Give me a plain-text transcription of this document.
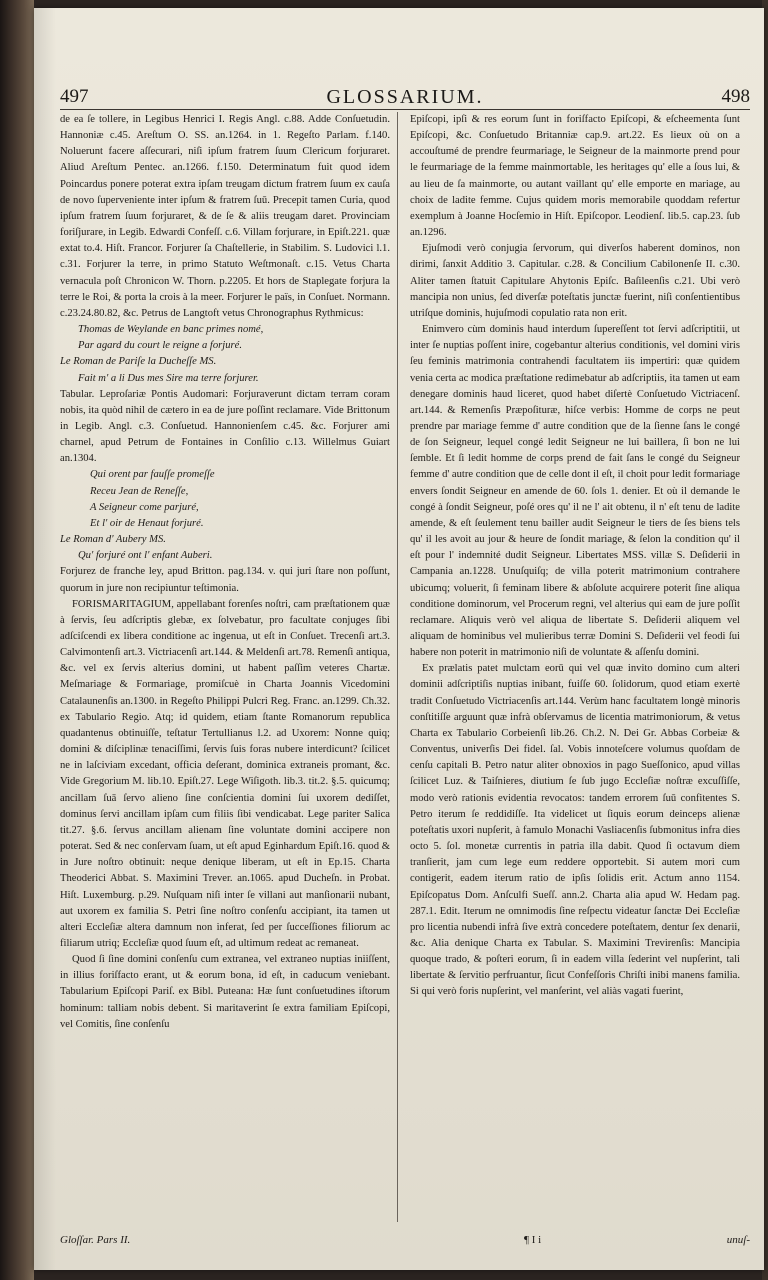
497	GLOSSARIUM.	498

de ea ſe tollere, in Legibus Henrici I. Regis Angl. c.88. Adde Conſuetudin. Hannoniæ c.45. Areſtum O. SS. an.1264. in 1. Regeſto Parlam. f.140. Noluerunt facere aſſecurari, niſi ipſum fratrem ſuum Clericum forjuraret. Aliud Areſtum Pentec. an.1266. f.150. Determinatum fuit quod idem Poincardus ponere poterat extra ipſam treugam dictum fratrem ſuum ex cauſa de novo ſuperveniente inter ipſum & fratrem ſuū. Precepit tamen Curia, quod ipſum fratrem ſuum forjuraret, & de ſe & aliis treugam daret. Provinciam foriſjurare, in Legib. Edwardi Confeſſ. c.6. Villam forjurare, in Epiſt.221. quæ extat to.4. Hiſt. Francor. Forjurer ſa Chaſtellerie, in Stabilim. S. Ludovici l.1. c.31. Forjurer la terre, in primo Statuto Weſtmonaſt. c.15. Vetus Charta vernacula poſt Chronicon W. Thorn. p.2205. Et hors de Staplegate forjura la terre le Roi, & porta la crois à la meer. Forjurer le païs, in Conſuet. Normann. c.23.24.80.82, &c. Petrus de Langtoft vetus Chronographus Rythmicus:

Thomas de Weylande en banc primes nomé,

Par agard du court le reigne a forjuré.

Le Roman de Pariſe la Ducheſſe MS.

Fait m' a li Dus mes Sire ma terre forjurer.

Tabular. Leproſariæ Pontis Audomari: Forjuraverunt dictam terram coram nobis, ita quòd nihil de cætero in ea de jure poſſint reclamare. Vide Brittonum in Legib. Angl. c.3. Conſuetud. Hannonienſem c.45. &c. Forjurer ami charnel, apud Petrum de Fontaines in Conſilio c.13. Willelmus Guiart an.1304.

Qui orent par fauſſe promeſſe

Receu Jean de Reneſſe,

A Seigneur come parjuré,

Et l' oir de Henaut forjuré.

Le Roman d' Aubery MS.

Qu' forjuré ont l' enfant Auberi.

Forjurez de franche ley, apud Britton. pag.134. v. qui juri ſtare non poſſunt, quorum in jure non recipiuntur teſtimonia.

FORISMARITAGIUM, appellabant forenſes noſtri, cam præſtationem quæ à ſervis, ſeu adſcriptis glebæ, ex ſolvebatur, pro facultate conjuges ſibi adſciſcendi ex libera conditione ac ingenua, ut eſt in Conſuet. Trecenſi art.3. Calvimontenſi art.3. Victriacenſi art.144. & Meldenſi art.78. Remenſi antiqua, &c. vel ex ſervis alterius domini, ut habent paſſim veteres Chartæ. Meſmariage & Formariage, promiſcuè in Charta Joannis Vicedomini Catalaunenſis an.1300. in Regeſto Philippi Pulcri Reg. Franc. an.1299. Ch.32. ex Tabulario Regio. Atq; id quidem, etiam ſtante Romanorum republica quadantenus obtinuiſſe, teſtatur Tertullianus l.2. ad Uxorem: Nonne quiq; domini & diſciplinæ tenaciſſimi, ſervis ſuis foras nubere interdicunt? ſcilicet ne in laſciviam excedant, officia deſerant, dominica extraneis promant, &c. Vide Gregorium M. lib.10. Epiſt.27. Lege Wiſigoth. lib.3. tit.2. §.5. quicumq; ancillam ſuā ſervo alieno ſine conſcientia domini ſui uxorem dediſſet, dominus ſervi ancillam ipſam cum filiis ſibi vendicabat. Lege pariter Salica tit.27. §.6. ſervus ancillam alienam ſine voluntate domini accipere non poterat. Sed & nec conſervam ſuam, ut eſt apud Eginhardum Epiſt.16. quod & in Jure noſtro obtinuit: neque denique liberam, ut eſt in Ep.15. Charta Theoderici Abbat. S. Maximini Trever. an.1065. apud Ducheſn. in Probat. Hiſt. Luxemburg. p.29. Nuſquam niſi inter ſe villani aut manſionarii nubant, aut uxorem ex familia S. Petri ſine noſtro conſenſu accipiant, ita tamen ut alteri Eccleſiæ altera damnum non inferat, ſed per ſucceſſiones filiorum ac filiarum utriq; Eccleſiæ quod ſuum eſt, ad ultimum redeat ac remaneat.

Quod ſi ſine domini conſenſu cum extranea, vel extraneo nuptias iniiſſent, in illius foriſfacto erant, ut & eorum bona, id eſt, in caducum veniebant. Tabularium Epiſcopi Pariſ. ex Bibl. Puteana: Hæ ſunt conſuetudines iſtorum hominum: talliam nobis debent. Si maritaverint ſe extra familiam Epiſcopi, vel Comitis, ſine conſenſu

Epiſcopi, ipſi & res eorum ſunt in foriſfacto Epiſcopi, & eſcheementa ſunt Epiſcopi, &c. Conſuetudo Britanniæ cap.9. art.22. Es lieux où on a accouſtumé de prendre feurmariage, le Seigneur de la mainmorte prend pour le feurmariage de la femme mainmortable, les heritages qu' elle a ſous lui, & au lieu de ſa mainmorte, ou autant vaillant qu' elle emporte en mariage, au choix de ladite femme. Cujus quidem moris memorabile quoddam refertur exemplum à Joanne Hocſemio in Hiſt. Epiſcopor. Leodienſ. lib.5. cap.23. ſub an.1296.

Ejuſmodi verò conjugia ſervorum, qui diverſos haberent dominos, non dirimi, ſanxit Additio 3. Capitular. c.28. & Concilium Cabilonenſe II. c.30. Aliter tamen ſtatuit Capitulare Ahytonis Epiſc. Baſileenſis c.21. Ubi verò mancipia non unius, ſed diverſæ poteſtatis junctæ fuerint, niſi conſentientibus utriſque dominis, hujuſmodi copulatio rata non erit.

Enimvero cùm dominis haud interdum ſupereſſent tot ſervi adſcriptitii, ut inter ſe nuptias poſſent inire, cogebantur alterius conditionis, vel domini viris ſeu feminis matrimonia contrahendi facultatem iis impertiri: quæ quidem venia certa ac modica præſtatione redimebatur ab adſcriptiis, ita tamen ut eam denegare dominis haud liceret, quod habet diſertè Conſuetudo Victriacenſ. art.144. & Remenſis Præpoſituræ, hiſce verbis: Homme de corps ne peut prendre par mariage femme d' autre condition que de la ſienne ſans le congé de ſon Seigneur, lequel congé ledit Seigneur ne lui baillera, ſi bon ne lui ſemble. Et ſi ledit homme de corps prend de fait ſans le congé du Seigneur femme d' autre condition que de celle dont il eſt, il choit pour ledit formariage envers ſondit Seigneur en amende de 60. ſols 1. denier. Et où il demande le congé à ſondit Seigneur, poſé ores qu' il ne l' ait obtenu, il n' eſt tenu de ladite amende, & eſt ſeulement tenu bailler audit Seigneur le tiers de ſes biens tels qu' il les avoit au jour & heure de ſondit mariage, & ſelon la condition qu' il eſt pour l' indemnité dudit Seigneur. Libertates MSS. villæ S. Deſiderii in Campania an.1228. Unuſquiſq; de villa poterit matrimonium contrahere ubicumq; voluerit, ſi feminam libere & abſolute acquirere poterit ſine aliqua conditione dominorum, vel Procerum regni, vel alterius qui eam de jure poſſit reclamare. Aliquis verò vel aliqua de libertate S. Deſiderii aliquem vel aliquam de hominibus vel mulieribus terræ Domini S. Deſiderii vel feodi ſui habere non poterit in matrimonio niſi de voluntate & aſſenſu domini.

Ex prælatis patet mulctam eorū qui vel quæ invito domino cum alteri dominii adſcriptiſis nuptias inibant, fuiſſe 60. ſolidorum, quod etiam exertè tradit Conſuetudo Victriacenſis art.144. Verùm hanc facultatem longè minoris conſtitiſſe arguunt quæ infrà obſervamus de licentia matrimoniorum, & vetus Charta ex Tabulario Corbeienſi lib.26. Ch.2. N. Dei Gr. Abbas Corbeiæ & Conventus, univerſis Dei fidel. ſal. Vobis innoteſcere volumus quoſdam de cenſu capitali B. Petro natur aliter obnoxios in pago Sueſſonico, apud villas ſcilicet Luz. & Taiſnieres, diutium ſe ſub jugo Eccleſiæ noſtræ excuſſiſſe, modo verò rationis evidentia revocatos: tandem errorem ſuū confitentes S. Petro iterum ſe reddidiſſe. Ita videlicet ut ſiquis eorum deinceps alienæ poteſtatis uxori nupſerit, à famulo Monachi Vasliacenſis ſubmonitus infra dies octo 5. ſol. monetæ currentis in patria illa dabit. Quod ſi octavum diem tranſierit, jam cum lege eum reddere opportebit. Si autem mori cum contigerit, eadem iterum ratio de ipſis ſolidis erit. Actum anno 1154. Epiſcopatus Dom. Anſculfi Sueſſ. ann.2. Charta alia apud W. Hedam pag. 287.1. Edit. Iterum ne omnimodis ſine reſpectu videatur ſanctæ Dei Eccleſiæ pro licentia nubendi infrà ſive extrà concedere poteſtatem, dentur ſex denarii, &c. Alia denique Charta ex Tabular. S. Maximini Trevirenſis: Mancipia quoque trado, & poſteri eorum, ſi in eadem villa ſederint vel nupſerint, tali libertate & ſervitio perfruantur, ſicut Confeſſoris Chriſti inibi manens familia. Si qui verò foris nupſerint, vel manſerint, vel aliàs vagati fuerint,

Gloſſar. Pars II.	¶ I i	unuſ-
